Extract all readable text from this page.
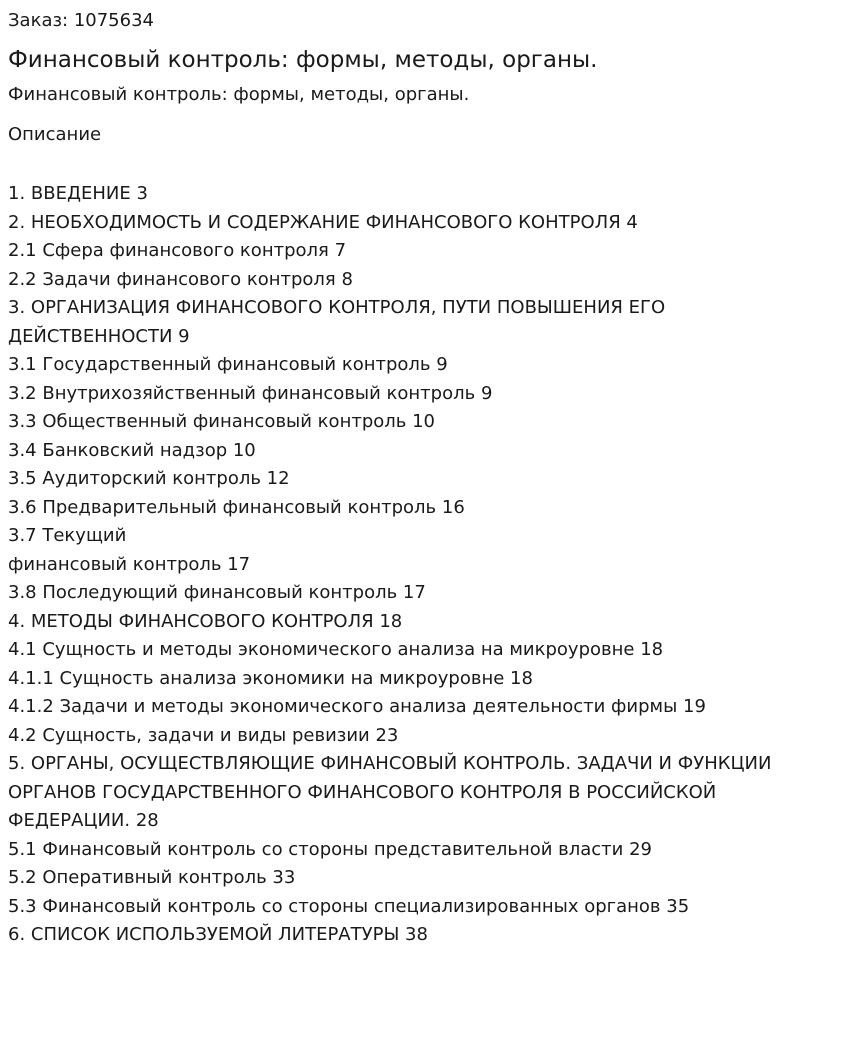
Заказ: 1075634
Финансовый контроль: формы, методы, органы.
Финансовый контроль: формы, методы, органы.
Описание
1. ВВЕДЕНИЕ 3
2. НЕОБХОДИМОСТЬ И СОДЕРЖАНИЕ ФИНАНСОВОГО КОНТРОЛЯ 4
2.1 Сфера финансового контроля 7
2.2 Задачи финансового контроля 8
3. ОРГАНИЗАЦИЯ ФИНАНСОВОГО КОНТРОЛЯ, ПУТИ ПОВЫШЕНИЯ ЕГО
ДЕЙСТВЕННОСТИ 9
3.1 Государственный финансовый контроль 9
3.2 Внутрихозяйственный финансовый контроль 9
3.3 Общественный финансовый контроль 10
3.4 Банковский надзор 10
3.5 Аудиторский контроль 12
3.6 Предварительный финансовый контроль 16
3.7 Текущий
финансовый контроль 17
3.8 Последующий финансовый контроль 17
4. МЕТОДЫ ФИНАНСОВОГО КОНТРОЛЯ 18
4.1 Сущность и методы экономического анализа на микроуровне 18
4.1.1 Сущность анализа экономики на микроуровне 18
4.1.2 Задачи и методы экономического анализа деятельности фирмы 19
4.2 Сущность, задачи и виды ревизии 23
5. ОРГАНЫ, ОСУЩЕСТВЛЯЮЩИЕ ФИНАНСОВЫЙ КОНТРОЛЬ. ЗАДАЧИ И ФУНКЦИИ
ОРГАНОВ ГОСУДАРСТВЕННОГО ФИНАНСОВОГО КОНТРОЛЯ В РОССИЙСКОЙ
ФЕДЕРАЦИИ. 28
5.1 Финансовый контроль со стороны представительной власти 29
5.2 Оперативный контроль 33
5.3 Финансовый контроль со стороны специализированных органов 35
6. СПИСОК ИСПОЛЬЗУЕМОЙ ЛИТЕРАТУРЫ 38
